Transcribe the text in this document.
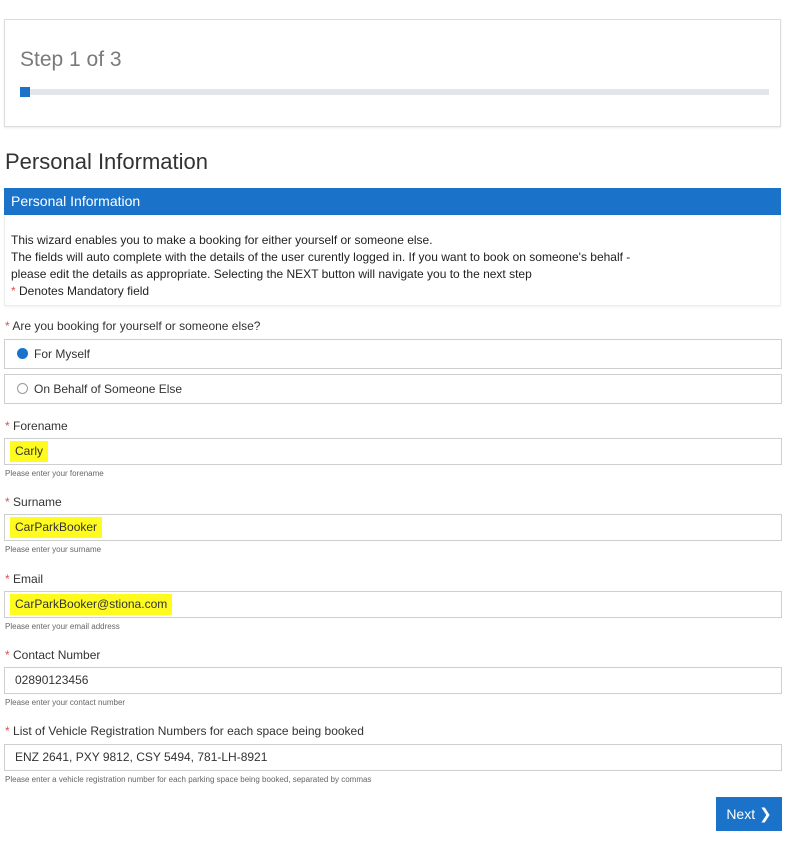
Step 1 of 3
Personal Information
Personal Information
This wizard enables you to make a booking for either yourself or someone else.
The fields will auto complete with the details of the user curently logged in. If you want to book on someone's behalf - please edit the details as appropriate. Selecting the NEXT button will navigate you to the next step
* Denotes Mandatory field
* Are you booking for yourself or someone else?
For Myself
On Behalf of Someone Else
* Forename
Carly
Please enter your forename
* Surname
CarParkBooker
Please enter your surname
* Email
CarParkBooker@stiona.com
Please enter your email address
* Contact Number
02890123456
Please enter your contact number
* List of Vehicle Registration Numbers for each space being booked
ENZ 2641, PXY 9812, CSY 5494, 781-LH-8921
Please enter a vehicle registration number for each parking space being booked, separated by commas
Next ❯
